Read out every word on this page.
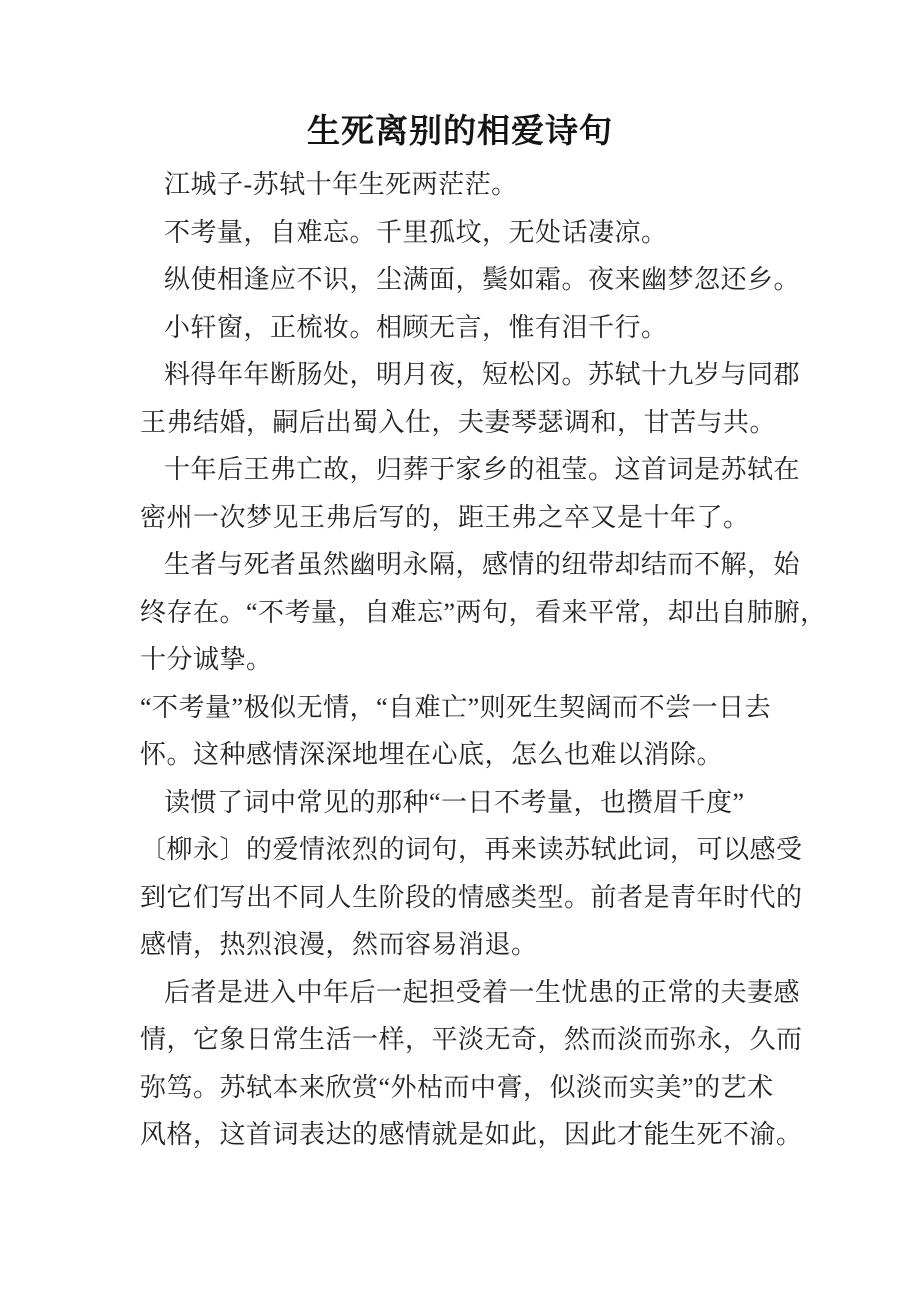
生死离别的相爱诗句
江城子-苏轼十年生死两茫茫。
不考量，自难忘。千里孤坟，无处话凄凉。
纵使相逢应不识，尘满面，鬓如霜。夜来幽梦忽还乡。
小轩窗，正梳妆。相顾无言，惟有泪千行。
料得年年断肠处，明月夜，短松冈。苏轼十九岁与同郡
王弗结婚，嗣后出蜀入仕，夫妻琴瑟调和，甘苦与共。
十年后王弗亡故，归葬于家乡的祖莹。这首词是苏轼在
密州一次梦见王弗后写的，距王弗之卒又是十年了。
生者与死者虽然幽明永隔，感情的纽带却结而不解，始
终存在。“不考量，自难忘”两句，看来平常，却出自肺腑，
十分诚挚。
“不考量”极似无情，“自难亡”则死生契阔而不尝一日去
怀。这种感情深深地埋在心底，怎么也难以消除。
读惯了词中常见的那种“一日不考量，也攒眉千度”
〔柳永〕的爱情浓烈的词句，再来读苏轼此词，可以感受
到它们写出不同人生阶段的情感类型。前者是青年时代的
感情，热烈浪漫，然而容易消退。
后者是进入中年后一起担受着一生忧患的正常的夫妻感
情，它象日常生活一样，平淡无奇，然而淡而弥永，久而
弥笃。苏轼本来欣赏“外枯而中膏，似淡而实美”的艺术
风格，这首词表达的感情就是如此，因此才能生死不渝。
